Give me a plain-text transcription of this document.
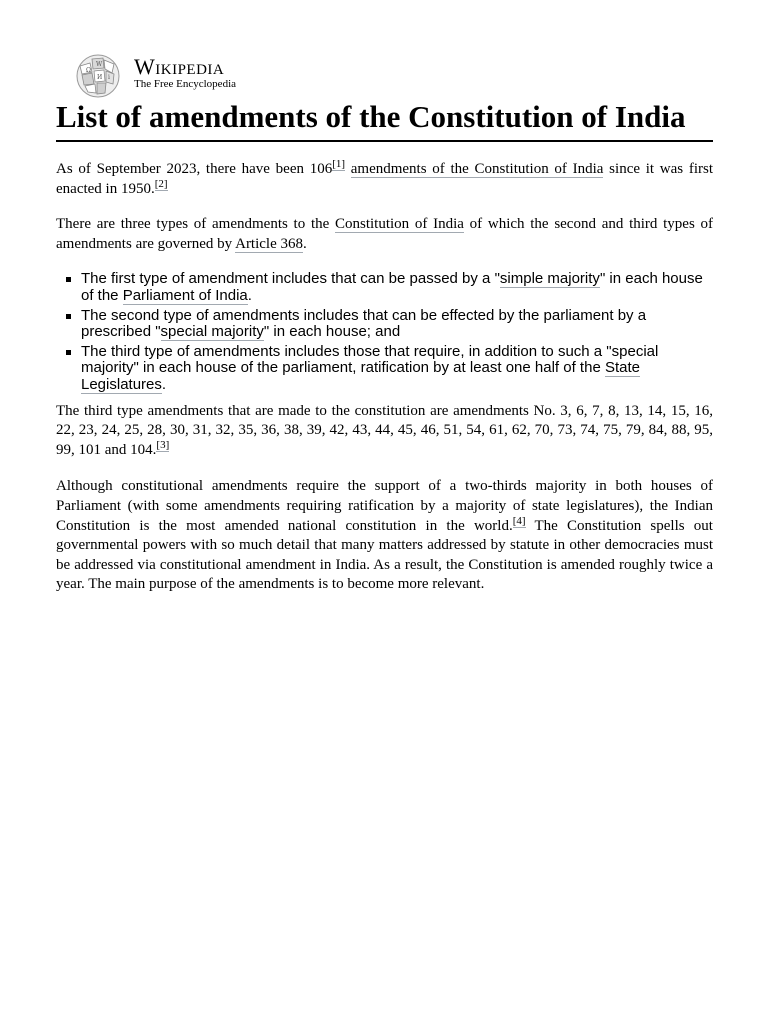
Ω
W
И i Wikipedia
The Free Encyclopedia
List of amendments of the Constitution of India

As of September 2023, there have been 106[1] amendments of the Constitution of India since it was first enacted in 1950.[2]

There are three types of amendments to the Constitution of India of which the second and third types of amendments are governed by Article 368.

The first type of amendment includes that can be passed by a "simple majority" in each house of the Parliament of India.
The second type of amendments includes that can be effected by the parliament by a prescribed "special majority" in each house; and
The third type of amendments includes those that require, in addition to such a "special majority" in each house of the parliament, ratification by at least one half of the State Legislatures.

The third type amendments that are made to the constitution are amendments No. 3, 6, 7, 8, 13, 14, 15, 16, 22, 23, 24, 25, 28, 30, 31, 32, 35, 36, 38, 39, 42, 43, 44, 45, 46, 51, 54, 61, 62, 70, 73, 74, 75, 79, 84, 88, 95, 99, 101 and 104.[3]

Although constitutional amendments require the support of a two-thirds majority in both houses of Parliament (with some amendments requiring ratification by a majority of state legislatures), the Indian Constitution is the most amended national constitution in the world.[4] The Constitution spells out governmental powers with so much detail that many matters addressed by statute in other democracies must be addressed via constitutional amendment in India. As a result, the Constitution is amended roughly twice a year. The main purpose of the amendments is to become more relevant.
